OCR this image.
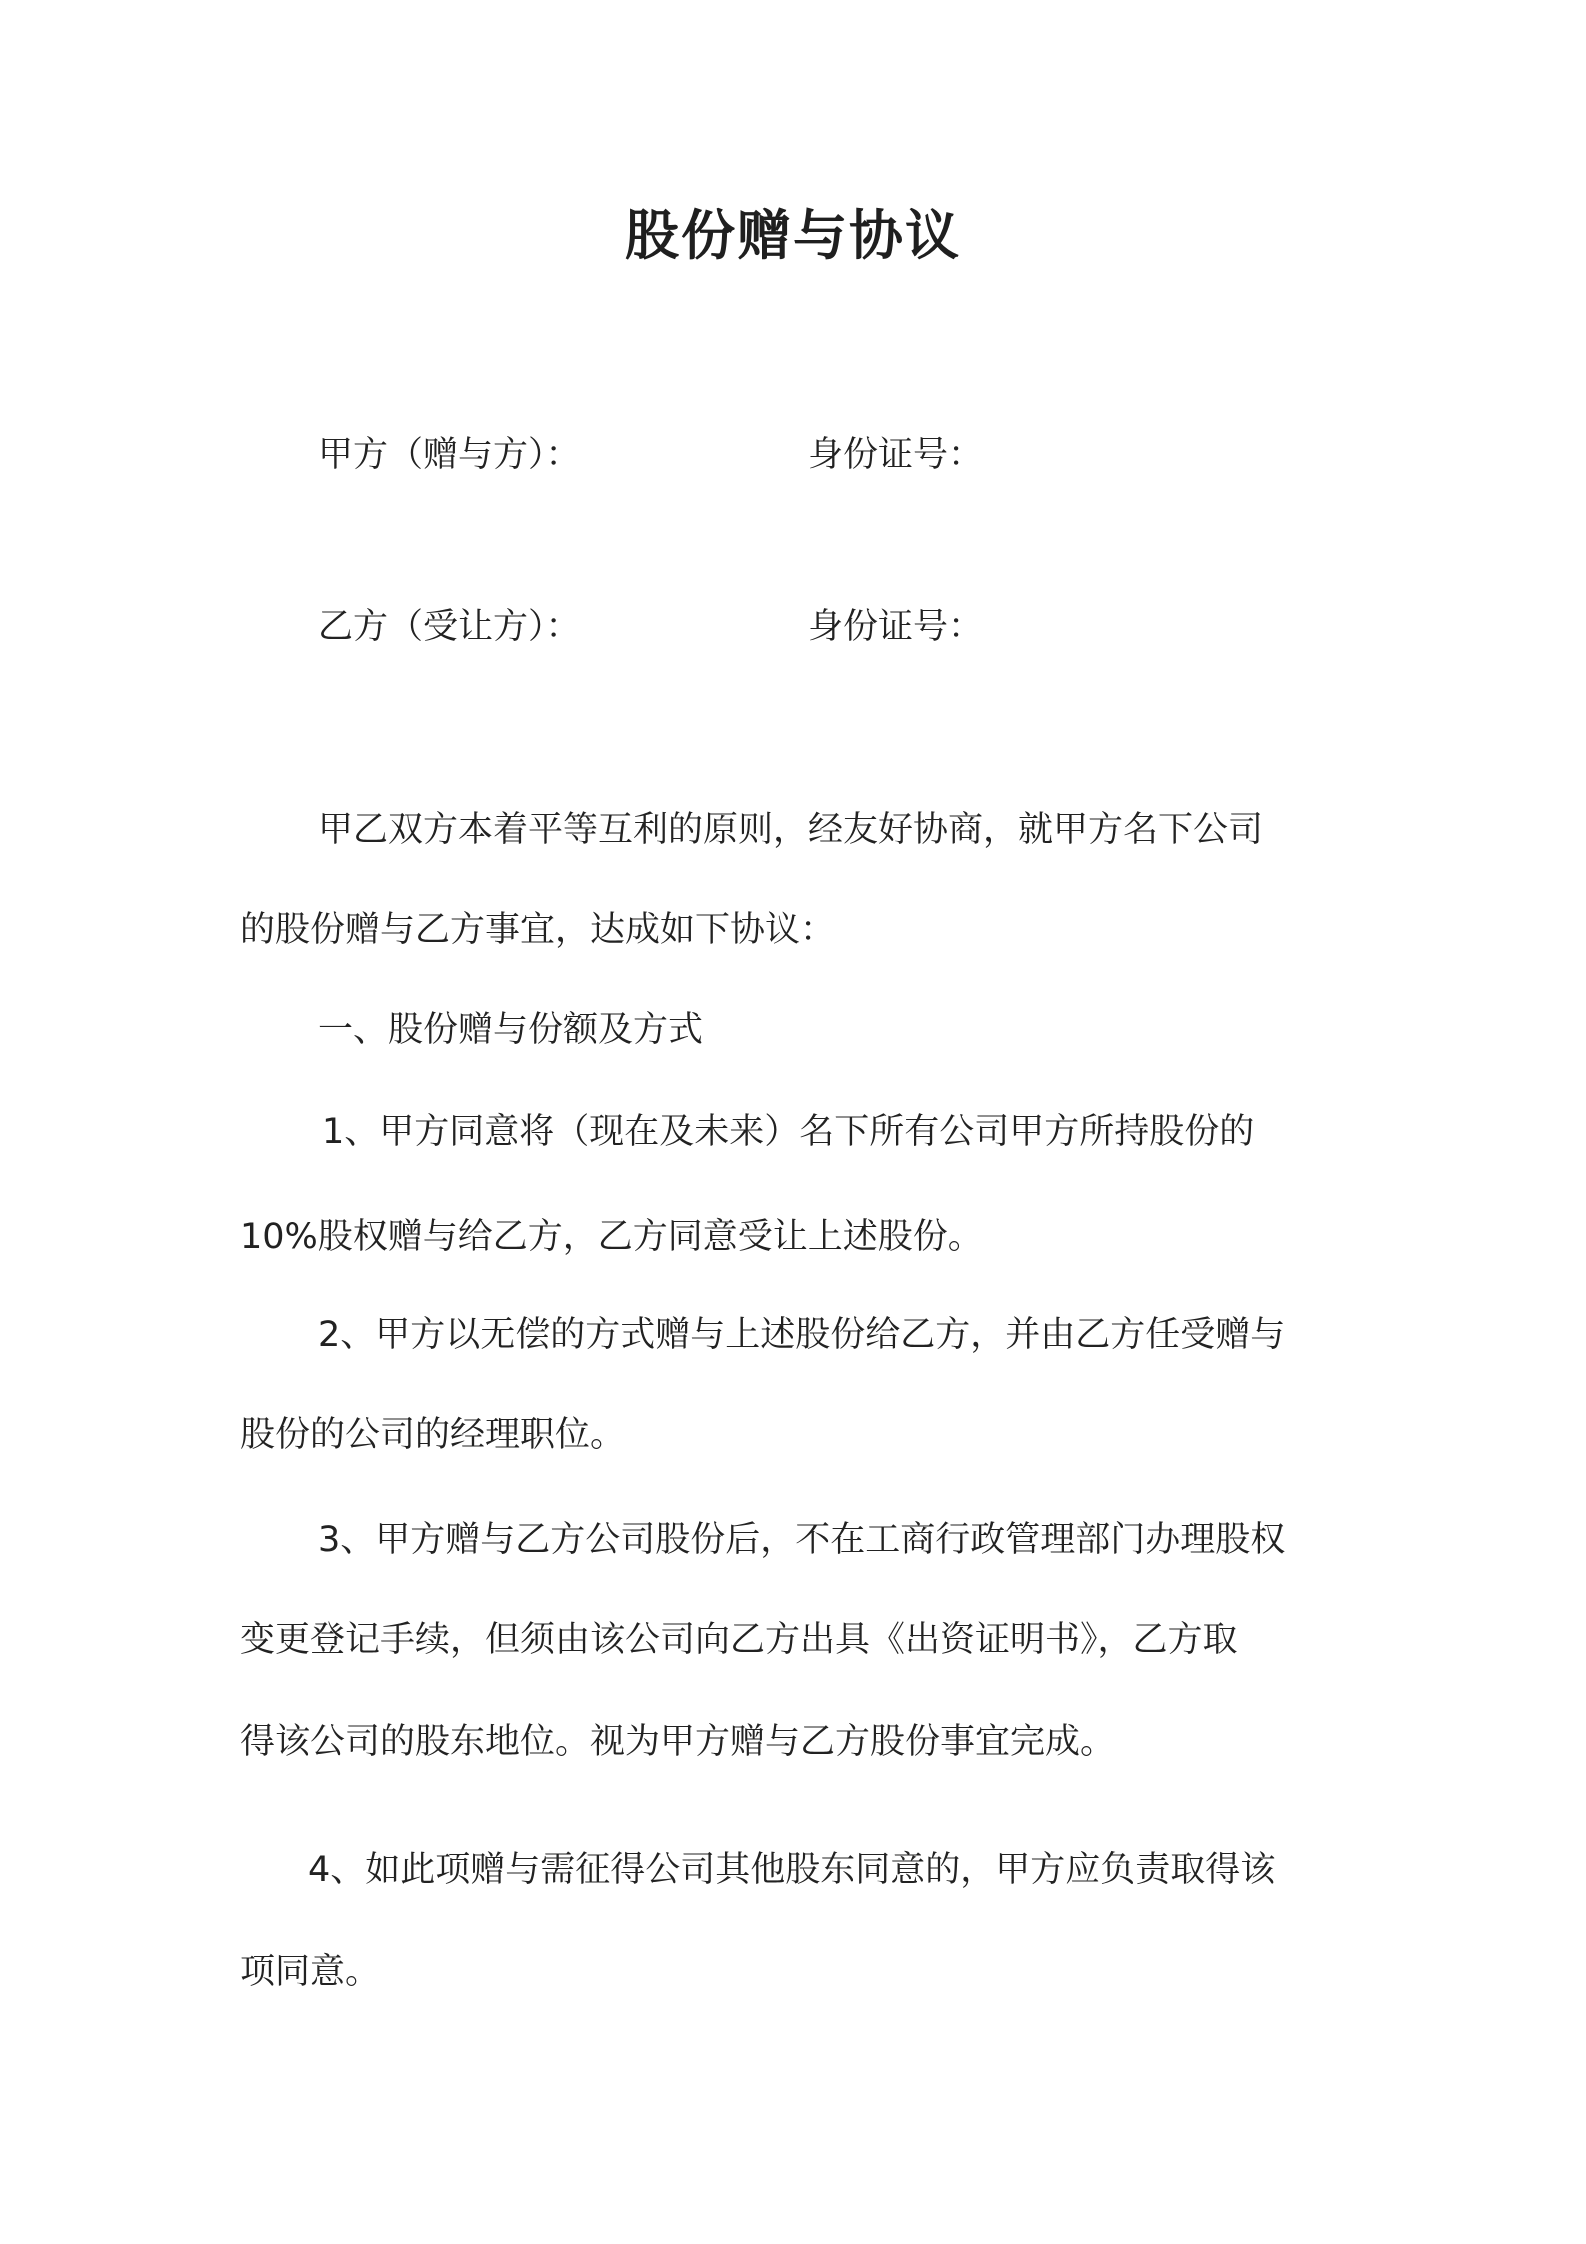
股份赠与协议
甲方（赠与方）：	身份证号：
乙方（受让方）：	身份证号：
甲乙双方本着平等互利的原则，经友好协商，就甲方名下公司
的股份赠与乙方事宜，达成如下协议：
一、股份赠与份额及方式
1、甲方同意将（现在及未来）名下所有公司甲方所持股份的
10%股权赠与给乙方，乙方同意受让上述股份。
2、甲方以无偿的方式赠与上述股份给乙方，并由乙方任受赠与
股份的公司的经理职位。
3、甲方赠与乙方公司股份后，不在工商行政管理部门办理股权
变更登记手续，但须由该公司向乙方出具《出资证明书》，乙方取
得该公司的股东地位。视为甲方赠与乙方股份事宜完成。
4、如此项赠与需征得公司其他股东同意的，甲方应负责取得该
项同意。
